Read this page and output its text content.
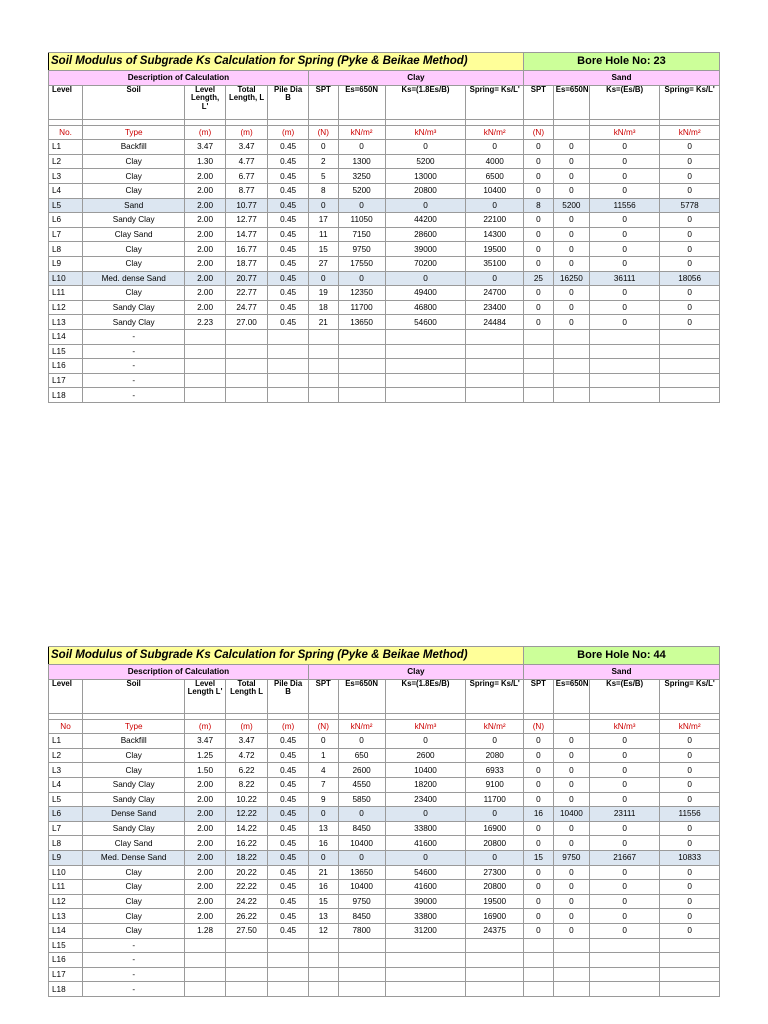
Soil Modulus of Subgrade Ks Calculation for Spring (Pyke & Beikae Method)									Bore Hole No: 23			
Description of Calculation					Clay				Sand			
Level	Soil	Level Length, L'	Total Length, L	Pile Dia B	SPT	Es=650N	Ks=(1.8Es/B)	Spring= Ks/L'	SPT	Es=650N	Ks=(Es/B)	Spring= Ks/L'

No.	Type	(m)	(m)	(m)	(N)	kN/m²	kN/m³	kN/m²	(N)		kN/m³	kN/m²
L1	Backfill	3.47	3.47	0.45	0	0	0	0	0	0	0	0
L2	Clay	1.30	4.77	0.45	2	1300	5200	4000	0	0	0	0
L3	Clay	2.00	6.77	0.45	5	3250	13000	6500	0	0	0	0
L4	Clay	2.00	8.77	0.45	8	5200	20800	10400	0	0	0	0
L5	Sand	2.00	10.77	0.45	0	0	0	0	8	5200	11556	5778
L6	Sandy Clay	2.00	12.77	0.45	17	11050	44200	22100	0	0	0	0
L7	Clay Sand	2.00	14.77	0.45	11	7150	28600	14300	0	0	0	0
L8	Clay	2.00	16.77	0.45	15	9750	39000	19500	0	0	0	0
L9	Clay	2.00	18.77	0.45	27	17550	70200	35100	0	0	0	0
L10	Med. dense Sand	2.00	20.77	0.45	0	0	0	0	25	16250	36111	18056
L11	Clay	2.00	22.77	0.45	19	12350	49400	24700	0	0	0	0
L12	Sandy Clay	2.00	24.77	0.45	18	11700	46800	23400	0	0	0	0
L13	Sandy Clay	2.23	27.00	0.45	21	13650	54600	24484	0	0	0	0
L14	-											
L15	-											
L16	-											
L17	-											
L18	-											
Soil Modulus of Subgrade Ks Calculation for Spring (Pyke & Beikae Method)									Bore Hole No: 44			
Description of Calculation					Clay				Sand			
Level	Soil	Level Length L'	Total Length L	Pile Dia B	SPT	Es=650N	Ks=(1.8Es/B)	Spring= Ks/L'	SPT	Es=650N	Ks=(Es/B)	Spring= Ks/L'

No	Type	(m)	(m)	(m)	(N)	kN/m²	kN/m³	kN/m²	(N)		kN/m³	kN/m²
L1	Backfill	3.47	3.47	0.45	0	0	0	0	0	0	0	0
L2	Clay	1.25	4.72	0.45	1	650	2600	2080	0	0	0	0
L3	Clay	1.50	6.22	0.45	4	2600	10400	6933	0	0	0	0
L4	Sandy Clay	2.00	8.22	0.45	7	4550	18200	9100	0	0	0	0
L5	Sandy Clay	2.00	10.22	0.45	9	5850	23400	11700	0	0	0	0
L6	Dense Sand	2.00	12.22	0.45	0	0	0	0	16	10400	23111	11556
L7	Sandy Clay	2.00	14.22	0.45	13	8450	33800	16900	0	0	0	0
L8	Clay Sand	2.00	16.22	0.45	16	10400	41600	20800	0	0	0	0
L9	Med. Dense Sand	2.00	18.22	0.45	0	0	0	0	15	9750	21667	10833
L10	Clay	2.00	20.22	0.45	21	13650	54600	27300	0	0	0	0
L11	Clay	2.00	22.22	0.45	16	10400	41600	20800	0	0	0	0
L12	Clay	2.00	24.22	0.45	15	9750	39000	19500	0	0	0	0
L13	Clay	2.00	26.22	0.45	13	8450	33800	16900	0	0	0	0
L14	Clay	1.28	27.50	0.45	12	7800	31200	24375	0	0	0	0
L15	-											
L16	-											
L17	-											
L18	-											
